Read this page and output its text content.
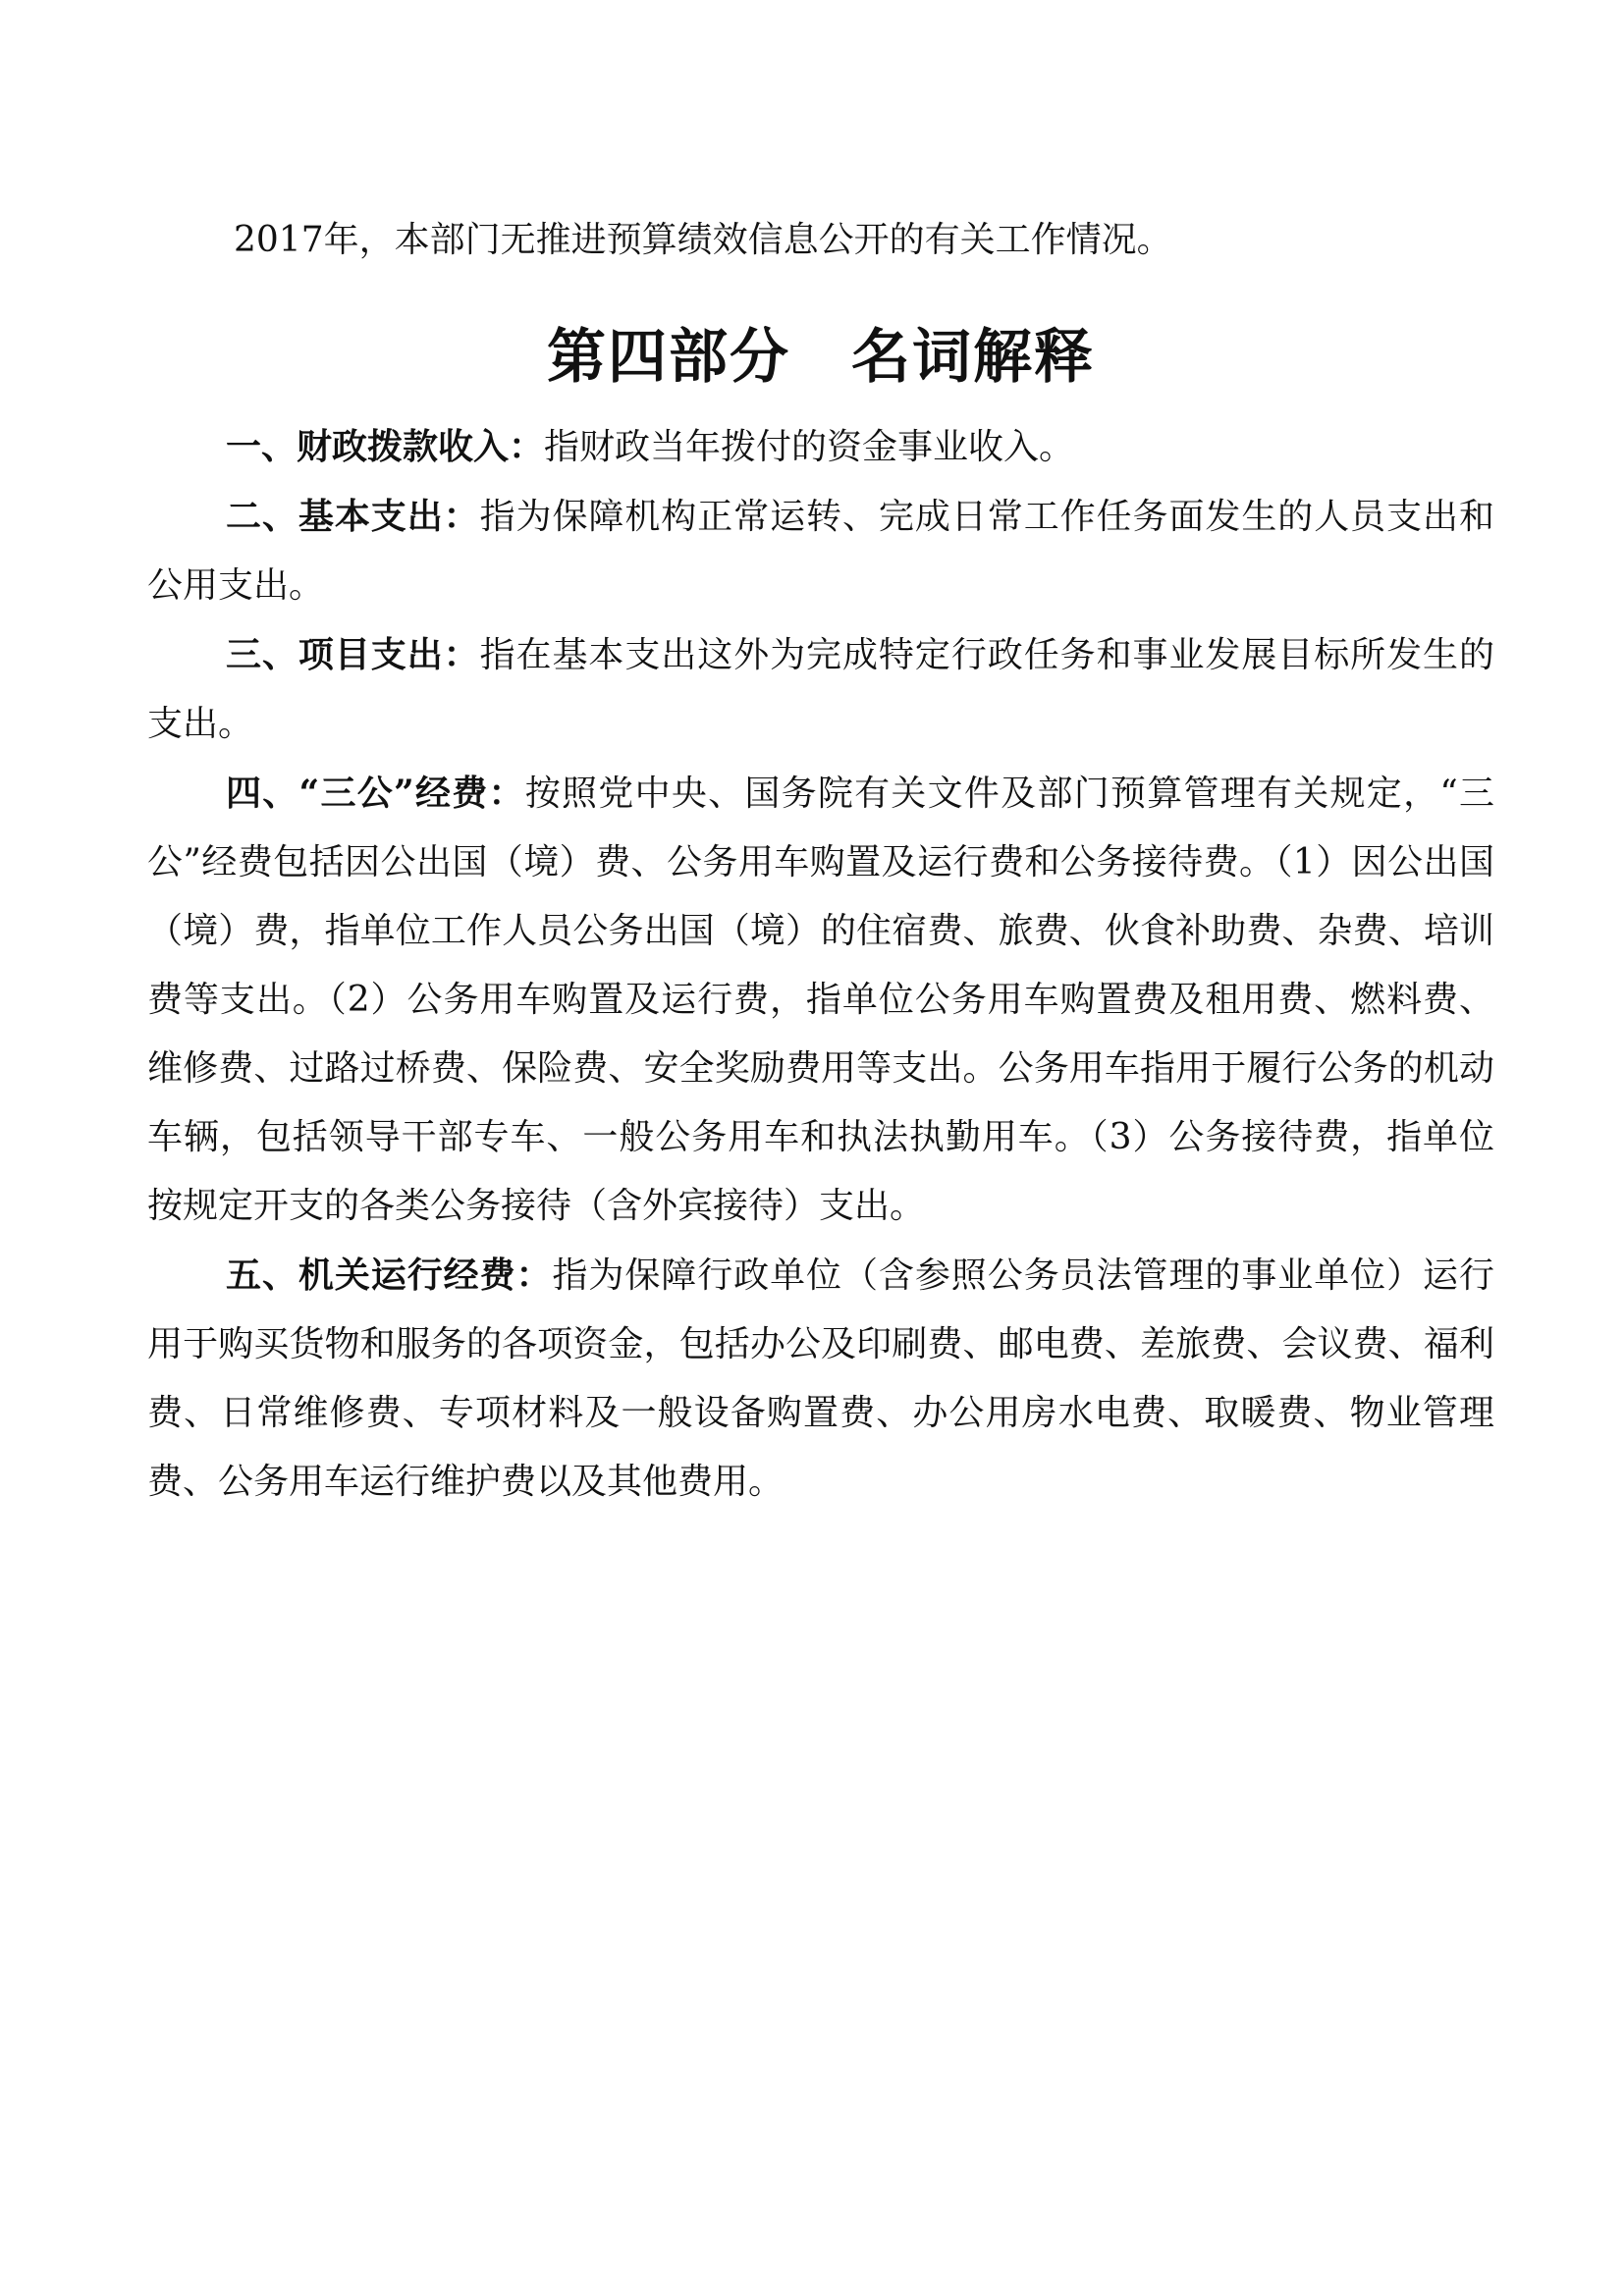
2017年，本部门无推进预算绩效信息公开的有关工作情况。

第四部分　名词解释

一、财政拨款收入：指财政当年拨付的资金事业收入。

二、基本支出：指为保障机构正常运转、完成日常工作任务面发生的人员支出和公用支出。

三、项目支出：指在基本支出这外为完成特定行政任务和事业发展目标所发生的支出。

四、“三公”经费：按照党中央、国务院有关文件及部门预算管理有关规定，“三公”经费包括因公出国（境）费、公务用车购置及运行费和公务接待费。（1）因公出国（境）费，指单位工作人员公务出国（境）的住宿费、旅费、伙食补助费、杂费、培训费等支出。（2）公务用车购置及运行费，指单位公务用车购置费及租用费、燃料费、维修费、过路过桥费、保险费、安全奖励费用等支出。公务用车指用于履行公务的机动车辆，包括领导干部专车、一般公务用车和执法执勤用车。（3）公务接待费，指单位按规定开支的各类公务接待（含外宾接待）支出。

五、机关运行经费：指为保障行政单位（含参照公务员法管理的事业单位）运行用于购买货物和服务的各项资金，包括办公及印刷费、邮电费、差旅费、会议费、福利费、日常维修费、专项材料及一般设备购置费、办公用房水电费、取暖费、物业管理费、公务用车运行维护费以及其他费用。
